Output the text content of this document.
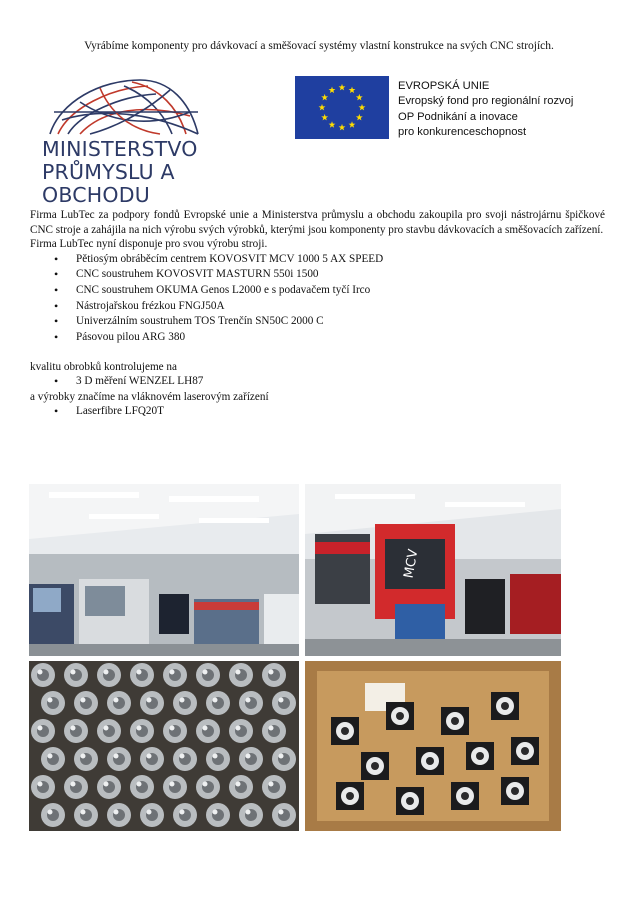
Vyrábíme komponenty pro dávkovací a směšovací systémy vlastní konstrukce na svých CNC strojích.
MINISTERSTVO
PRŮMYSLU A OBCHODU
EVROPSKÁ UNIE
Evropský fond pro regionální rozvoj
OP Podnikání a inovace
pro konkurenceschopnost

Firma LubTec za podpory fondů Evropské unie a Ministerstva průmyslu a obchodu zakoupila pro svoji nástrojárnu špičkové CNC stroje a zahájila na nich výrobu svých výrobků, kterými jsou komponenty pro stavbu dávkovacích a směšovacích zařízení.

Firma LubTec nyní disponuje pro svou výrobu stroji.

• Pětiosým obráběcím centrem KOVOSVIT MCV 1000 5 AX SPEED
• CNC soustruhem KOVOSVIT MASTURN 550i 1500
• CNC soustruhem OKUMA Genos L2000 e s podavačem tyčí Irco
• Nástrojařskou frézkou FNGJ50A
• Univerzálním soustruhem TOS Trenčín SN50C 2000 C
• Pásovou pilou ARG 380

kvalitu obrobků kontrolujeme na

• 3 D měření WENZEL LH87

a výrobky značíme na vláknovém laserovým zařízení

• Laserfibre LFQ20T
MCV
